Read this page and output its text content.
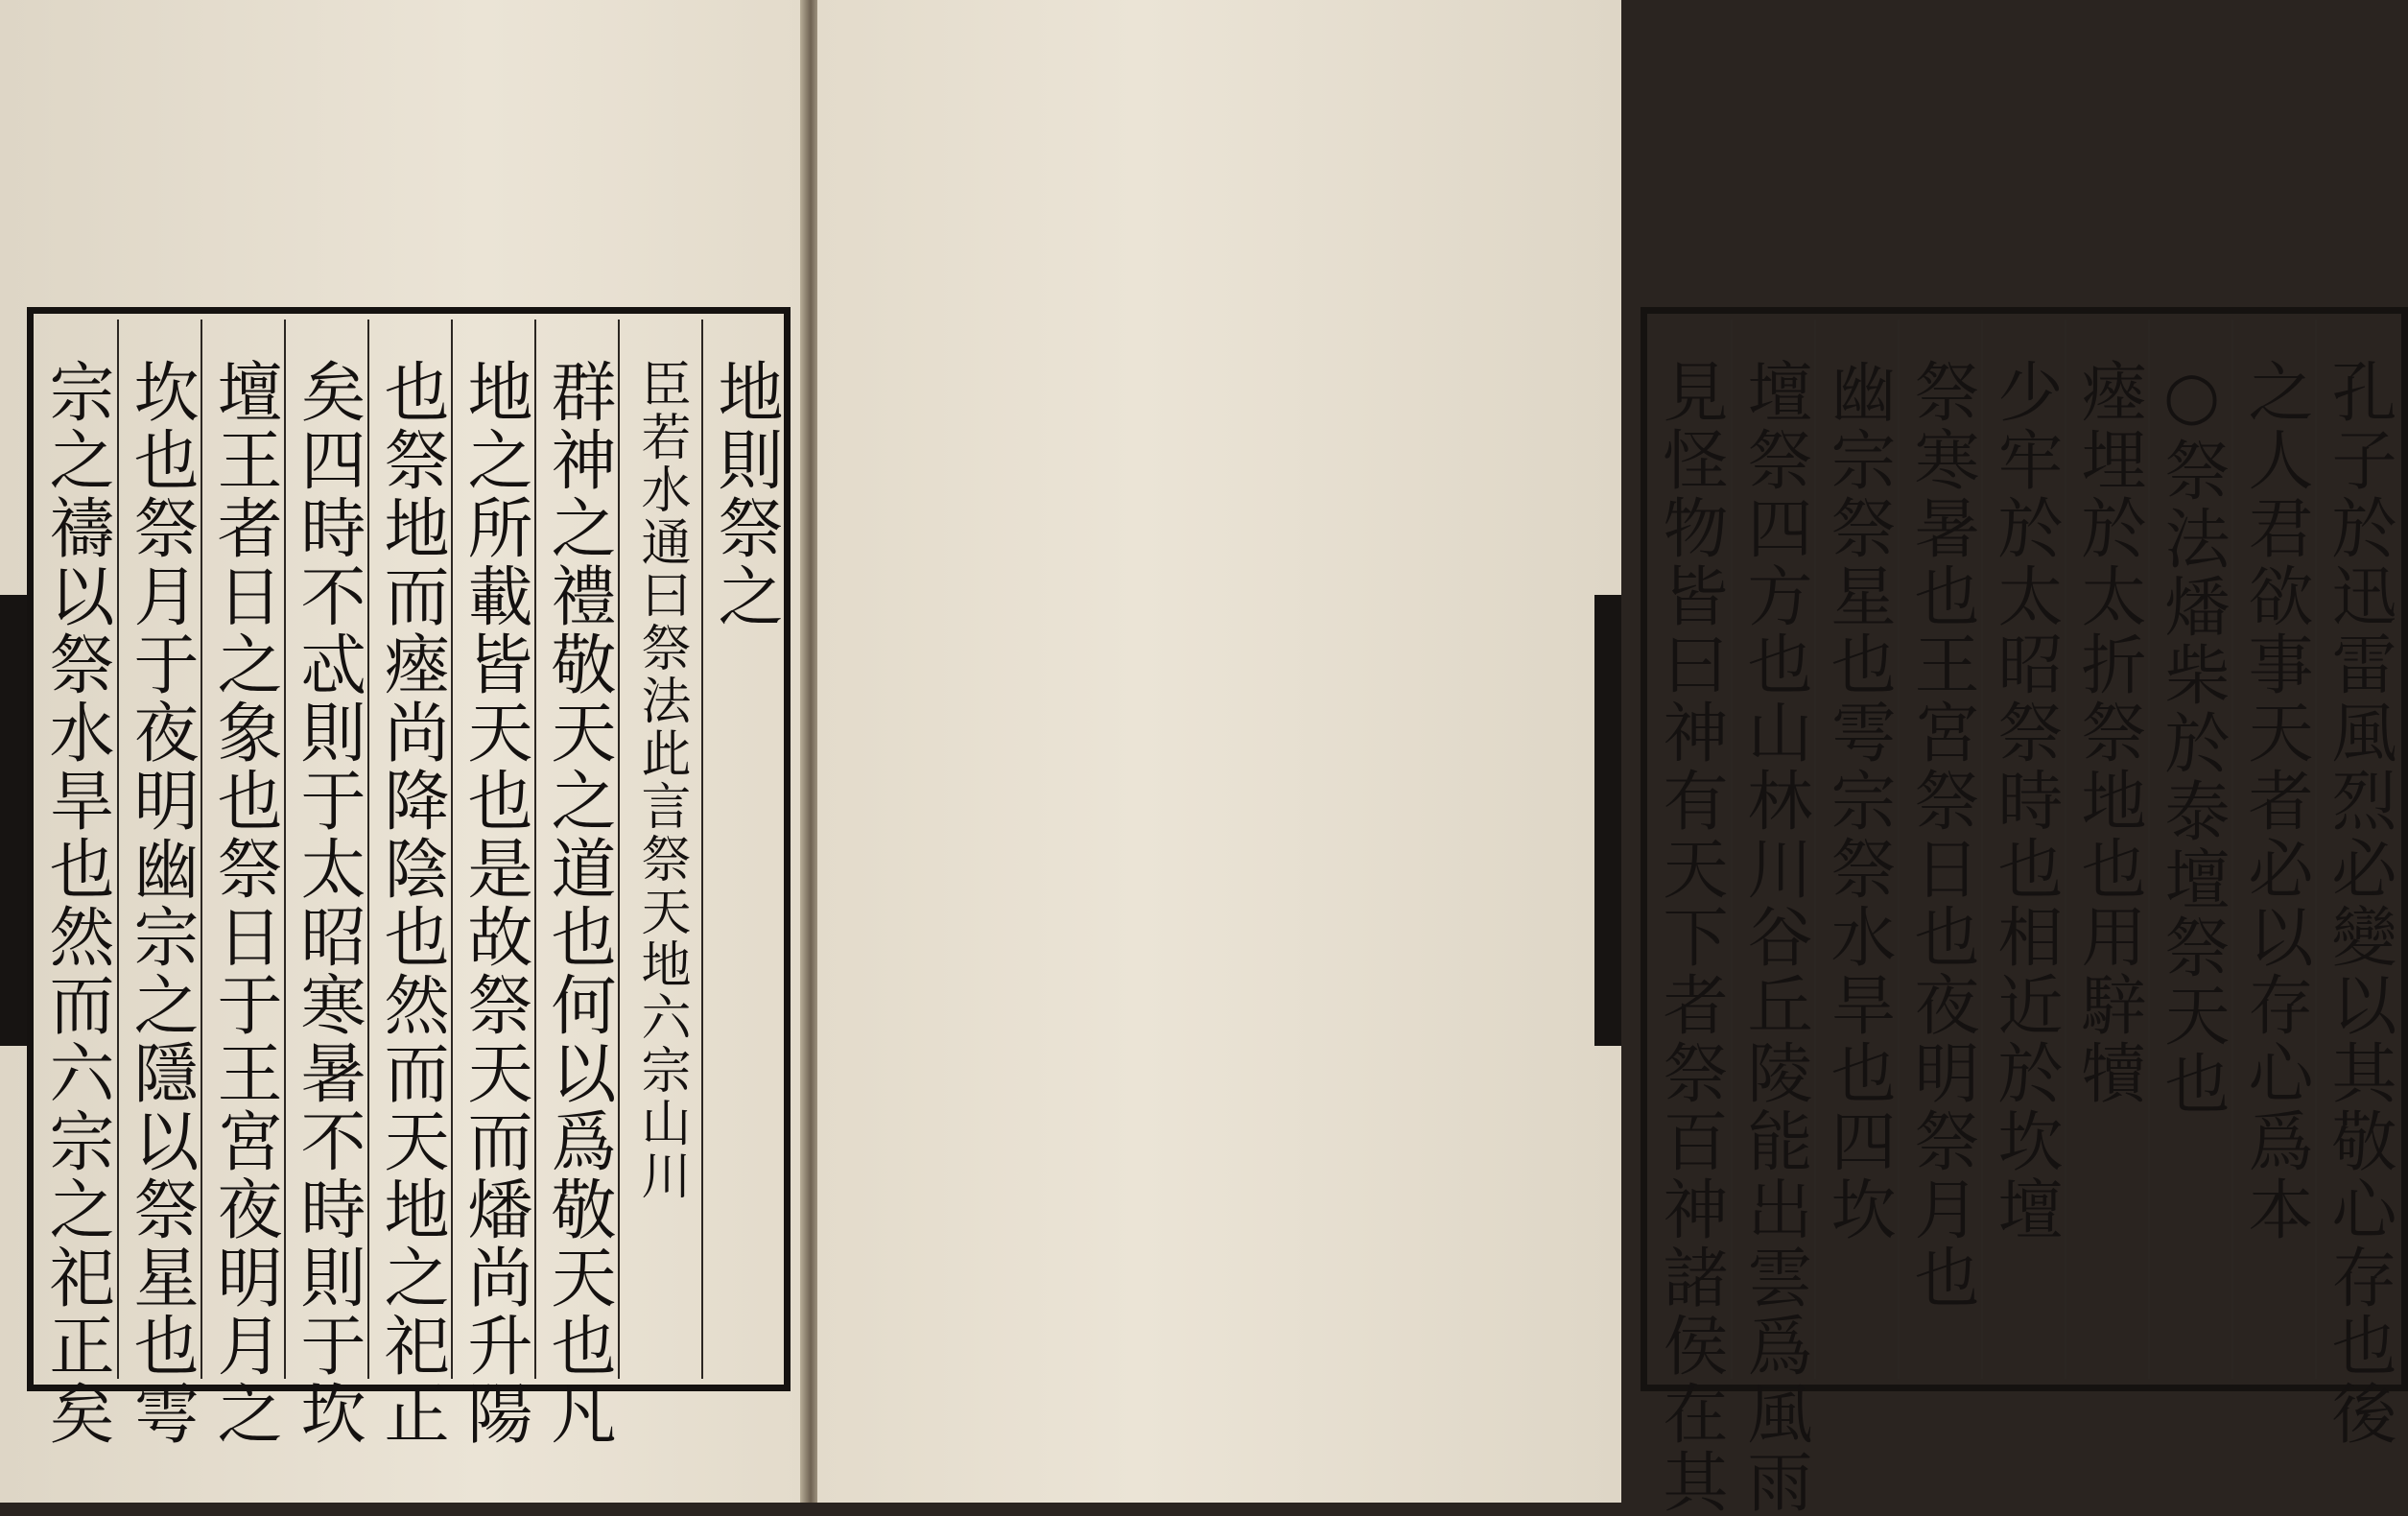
宗之禱以祭水旱也然而六宗之祀正矣 坎也祭月于夜明幽宗之隱以祭星也雩 壇王者日之象也祭日于王宮夜明月之 矣四時不忒則于太昭寒暑不時則于坎 也祭地而瘞尚降陰也然而天地之祀正 地之所載皆天也是故祭天而燔尚升陽 群神之禮敬天之道也何以爲敬天也凡 臣若水通曰祭法此言祭天地六宗山川 地則祭之	見怪物皆曰神有天下者祭百神諸侯在其 壇祭四方也山林川谷丘陵能出雲爲風雨 幽宗祭星也雩宗祭水旱也四坎 祭寒暑也王宮祭日也夜明祭月也 少牢於太昭祭時也相近於坎壇 瘞埋於太折祭地也用騂犢 ○祭法燔柴於泰壇祭天也 之人君欲事天者必以存心爲本 孔子於迅雷風烈必變以其敬心存也後
